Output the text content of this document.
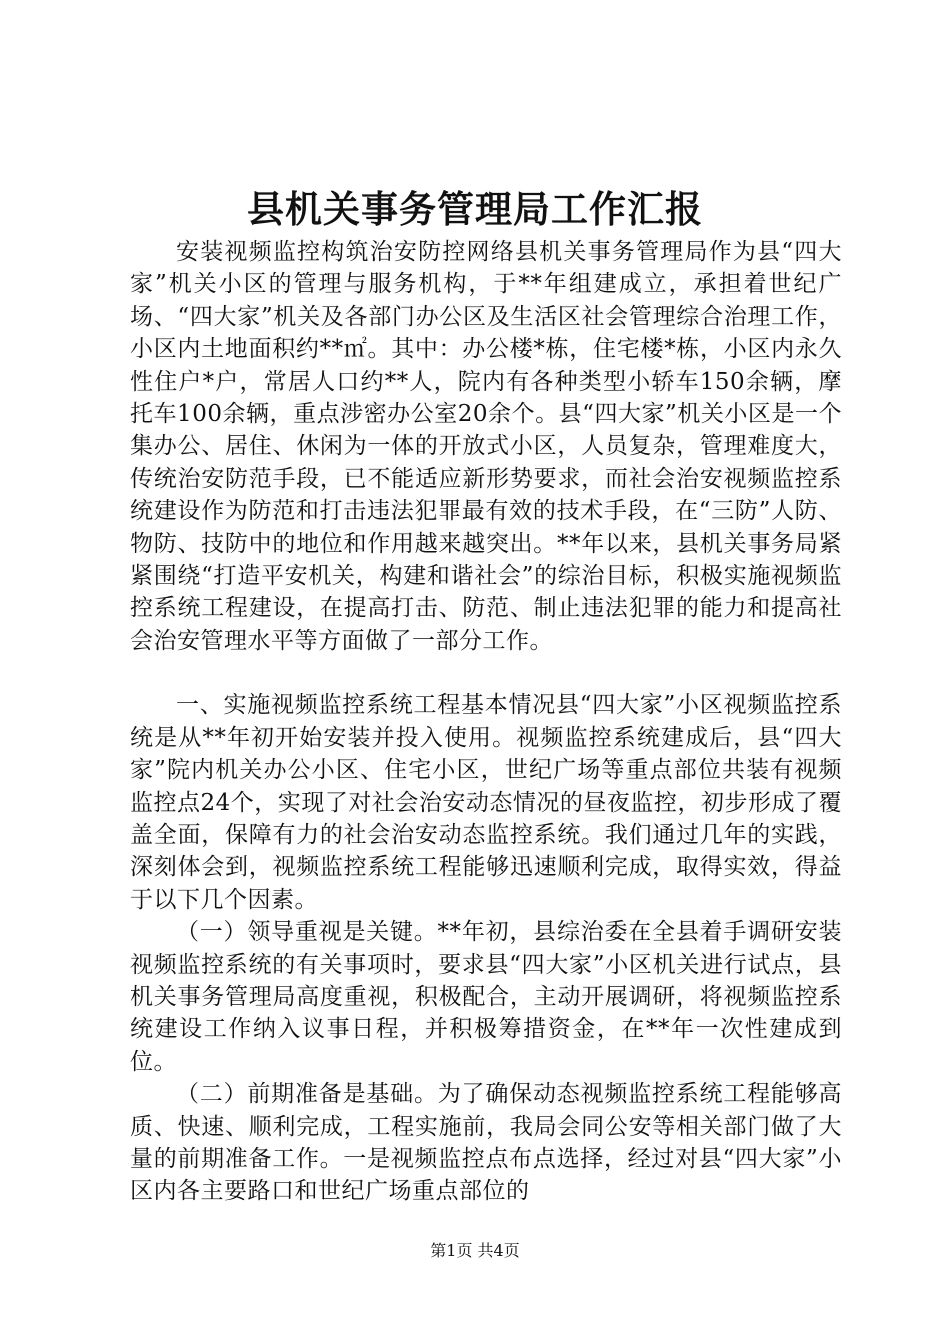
县机关事务管理局工作汇报

安装视频监控构筑治安防控网络县机关事务管理局作为县“四大家”机关小区的管理与服务机构，于**年组建成立，承担着世纪广场、“四大家”机关及各部门办公区及生活区社会管理综合治理工作，小区内土地面积约**㎡。其中：办公楼*栋，住宅楼*栋，小区内永久性住户*户，常居人口约**人，院内有各种类型小轿车150余辆，摩托车100余辆，重点涉密办公室20余个。县“四大家”机关小区是一个集办公、居住、休闲为一体的开放式小区，人员复杂，管理难度大，传统治安防范手段，已不能适应新形势要求，而社会治安视频监控系统建设作为防范和打击违法犯罪最有效的技术手段，在“三防”人防、物防、技防中的地位和作用越来越突出。**年以来，县机关事务局紧紧围绕“打造平安机关，构建和谐社会”的综治目标，积极实施视频监控系统工程建设，在提高打击、防范、制止违法犯罪的能力和提高社会治安管理水平等方面做了一部分工作。

一、实施视频监控系统工程基本情况县“四大家”小区视频监控系统是从**年初开始安装并投入使用。视频监控系统建成后，县“四大家”院内机关办公小区、住宅小区，世纪广场等重点部位共装有视频监控点24个，实现了对社会治安动态情况的昼夜监控，初步形成了覆盖全面，保障有力的社会治安动态监控系统。我们通过几年的实践，深刻体会到，视频监控系统工程能够迅速顺利完成，取得实效，得益于以下几个因素。

（一）领导重视是关键。**年初，县综治委在全县着手调研安装视频监控系统的有关事项时，要求县“四大家”小区机关进行试点，县机关事务管理局高度重视，积极配合，主动开展调研，将视频监控系统建设工作纳入议事日程，并积极筹措资金，在**年一次性建成到位。

（二）前期准备是基础。为了确保动态视频监控系统工程能够高质、快速、顺利完成，工程实施前，我局会同公安等相关部门做了大量的前期准备工作。一是视频监控点布点选择，经过对县“四大家”小区内各主要路口和世纪广场重点部位的

第1页 共4页
